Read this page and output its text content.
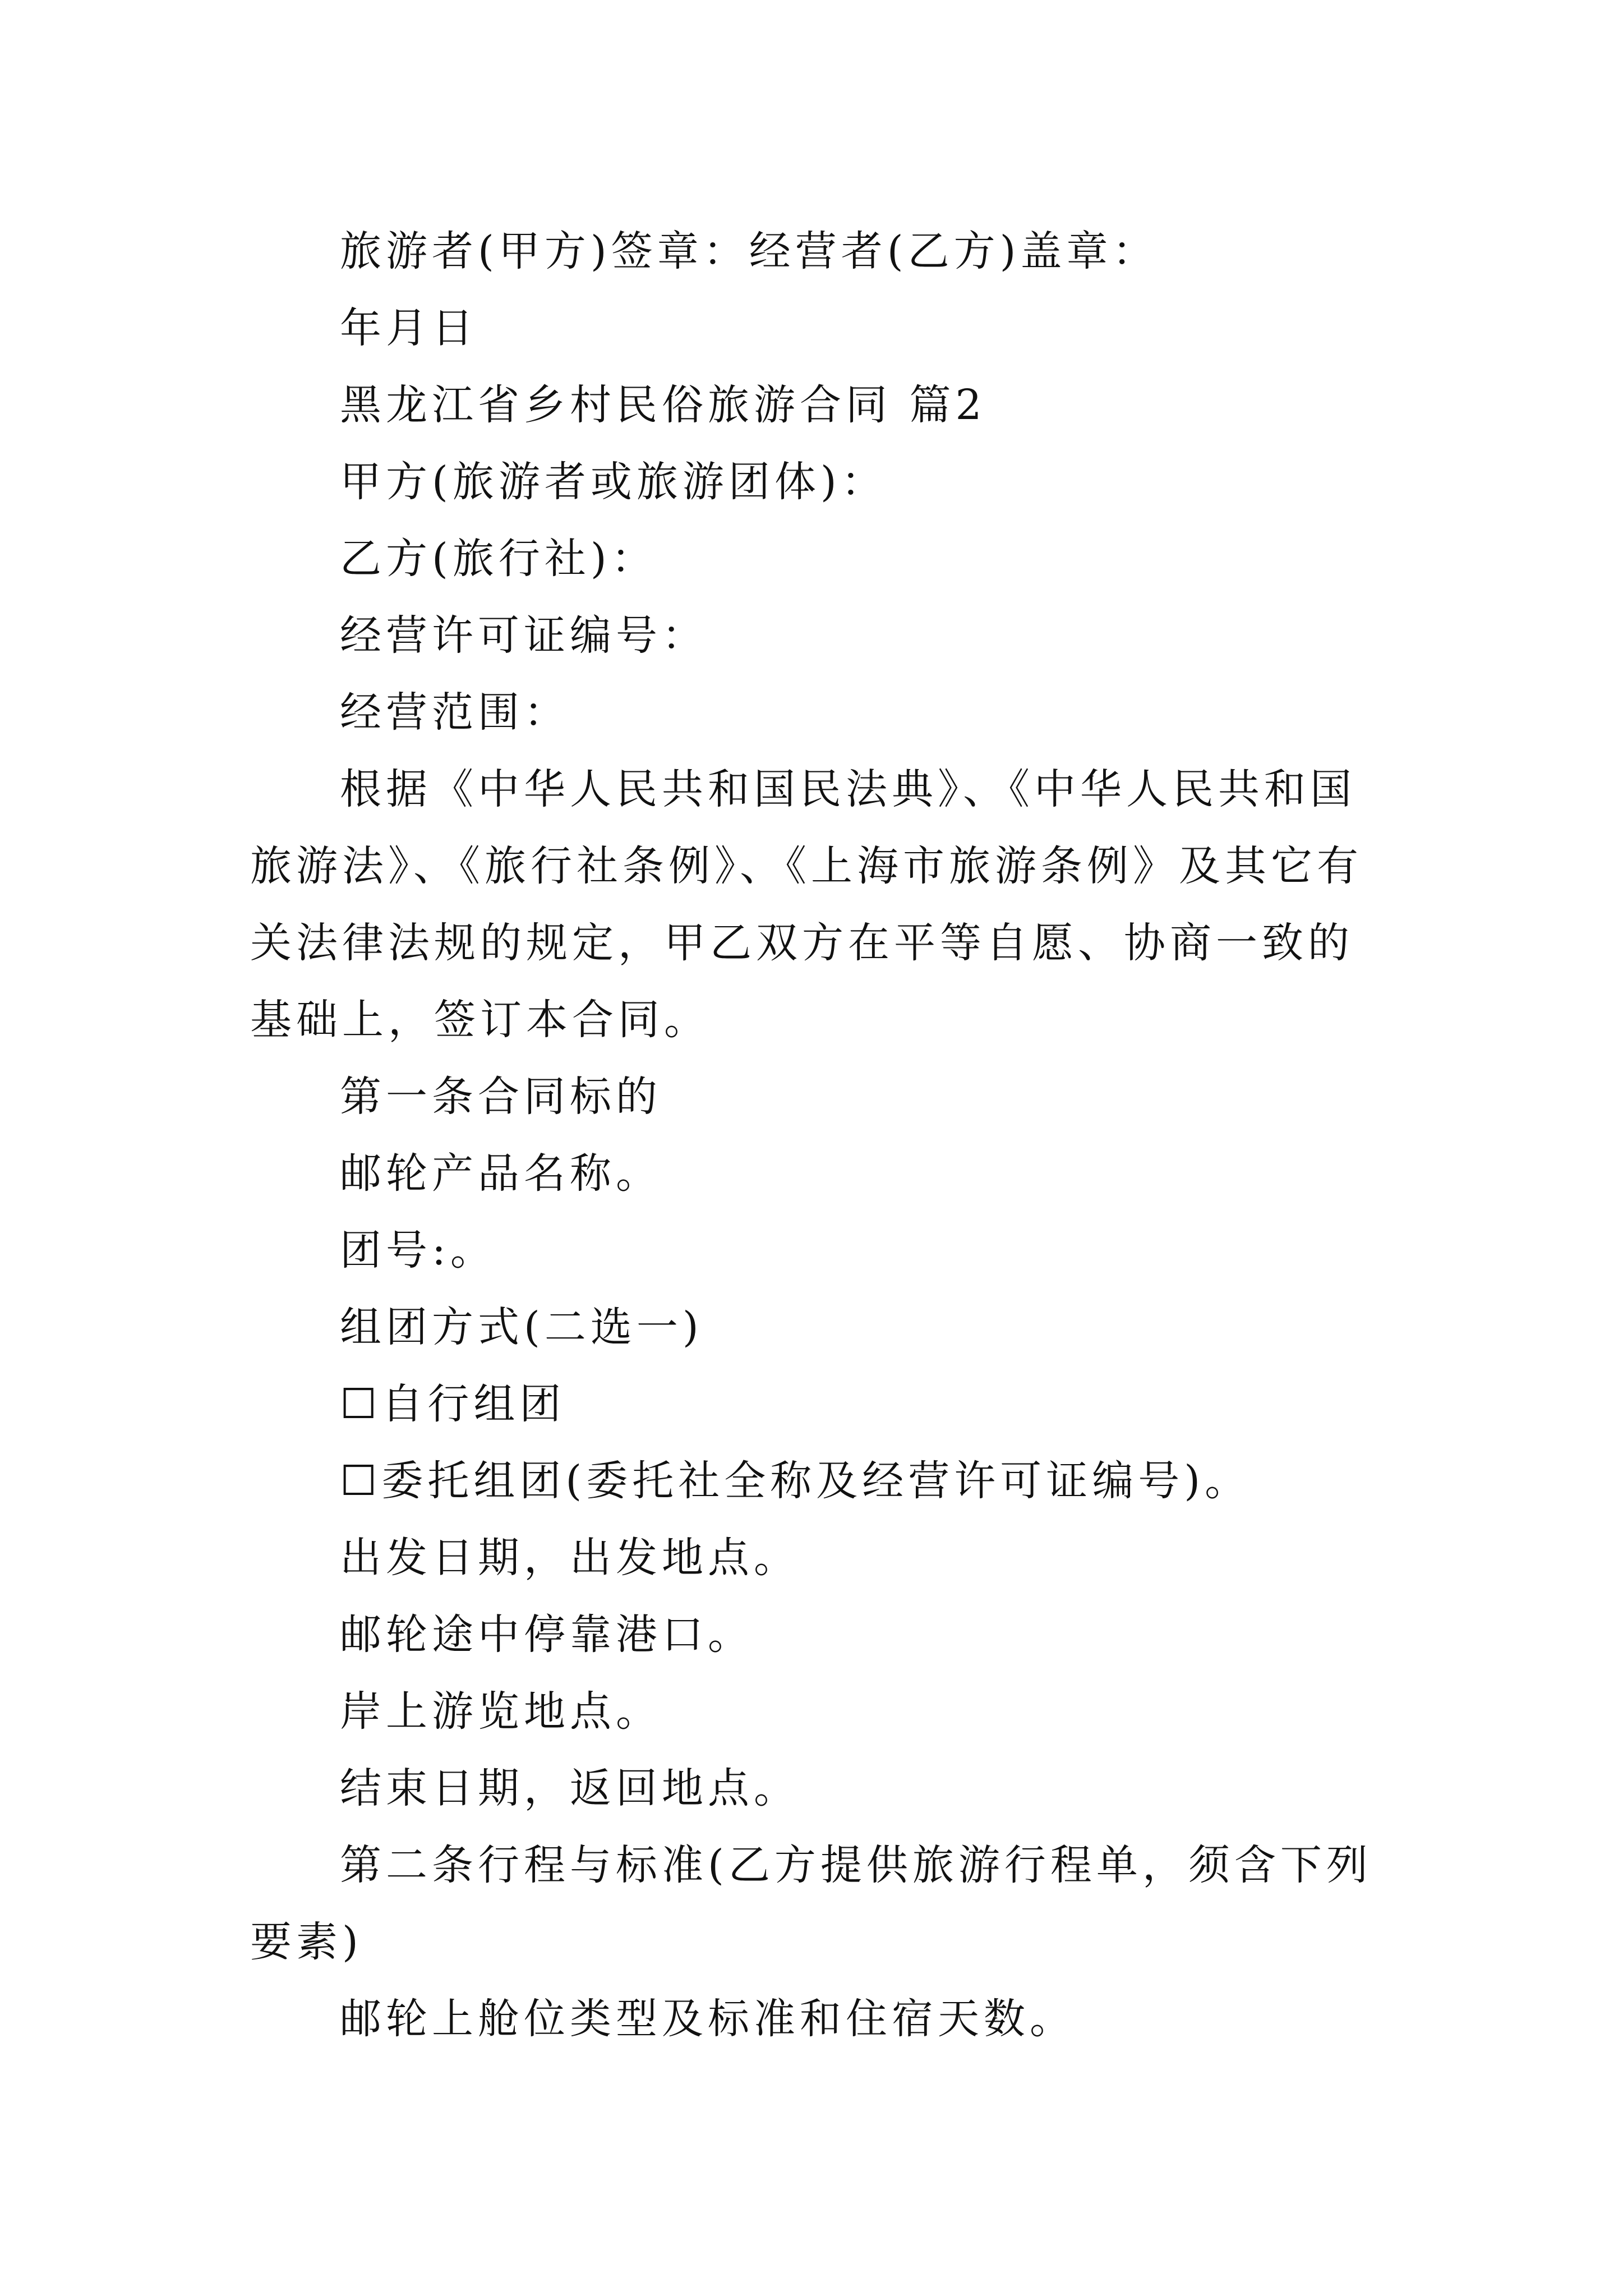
旅游者(甲方)签章：经营者(乙方)盖章：

年月日

黑龙江省乡村民俗旅游合同 篇2

甲方(旅游者或旅游团体)：

乙方(旅行社)：

经营许可证编号：

经营范围：

根据《中华人民共和国民法典》、《中华人民共和国旅游法》、《旅行社条例》、《上海市旅游条例》及其它有关法律法规的规定，甲乙双方在平等自愿、协商一致的基础上，签订本合同。

第一条合同标的

邮轮产品名称。

团号:。

组团方式(二选一)

☐自行组团

☐委托组团(委托社全称及经营许可证编号)。

出发日期，出发地点。

邮轮途中停靠港口。

岸上游览地点。

结束日期，返回地点。

第二条行程与标准(乙方提供旅游行程单，须含下列要素)

邮轮上舱位类型及标准和住宿天数。
